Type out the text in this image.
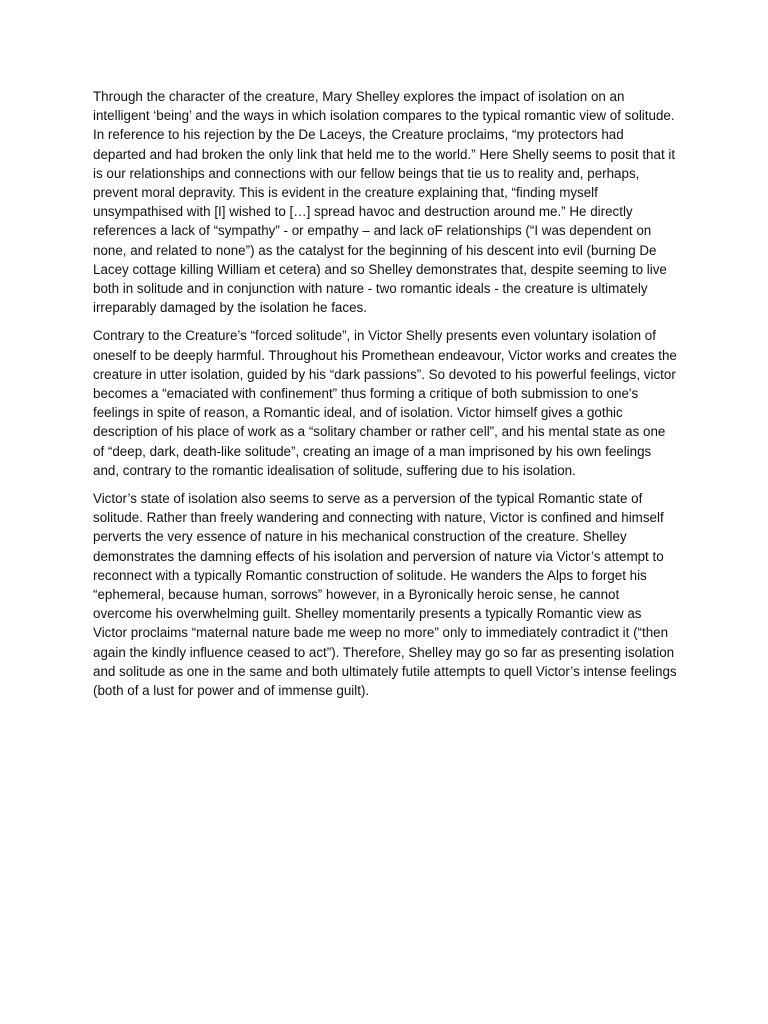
Through the character of the creature, Mary Shelley explores the impact of isolation on an intelligent ‘being’ and the ways in which isolation compares to the typical romantic view of solitude. In reference to his rejection by the De Laceys, the Creature proclaims, “my protectors had departed and had broken the only link that held me to the world.” Here Shelly seems to posit that it is our relationships and connections with our fellow beings that tie us to reality and, perhaps, prevent moral depravity. This is evident in the creature explaining that, “finding myself unsympathised with [I] wished to […] spread havoc and destruction around me.” He directly references a lack of “sympathy” - or empathy – and lack oF relationships (“I was dependent on none, and related to none”) as the catalyst for the beginning of his descent into evil (burning De Lacey cottage killing William et cetera) and so Shelley demonstrates that, despite seeming to live both in solitude and in conjunction with nature - two romantic ideals - the creature is ultimately irreparably damaged by the isolation he faces.

Contrary to the Creature’s “forced solitude”, in Victor Shelly presents even voluntary isolation of oneself to be deeply harmful. Throughout his Promethean endeavour, Victor works and creates the creature in utter isolation, guided by his “dark passions”. So devoted to his powerful feelings, victor becomes a “emaciated with confinement” thus forming a critique of both submission to one's feelings in spite of reason, a Romantic ideal, and of isolation. Victor himself gives a gothic description of his place of work as a “solitary chamber or rather cell”, and his mental state as one of “deep, dark, death-like solitude”, creating an image of a man imprisoned by his own feelings and, contrary to the romantic idealisation of solitude, suffering due to his isolation.

Victor’s state of isolation also seems to serve as a perversion of the typical Romantic state of solitude. Rather than freely wandering and connecting with nature, Victor is confined and himself perverts the very essence of nature in his mechanical construction of the creature. Shelley demonstrates the damning effects of his isolation and perversion of nature via Victor’s attempt to reconnect with a typically Romantic construction of solitude. He wanders the Alps to forget his “ephemeral, because human, sorrows” however, in a Byronically heroic sense, he cannot overcome his overwhelming guilt. Shelley momentarily presents a typically Romantic view as Victor proclaims “maternal nature bade me weep no more” only to immediately contradict it (“then again the kindly influence ceased to act”). Therefore, Shelley may go so far as presenting isolation and solitude as one in the same and both ultimately futile attempts to quell Victor’s intense feelings (both of a lust for power and of immense guilt).
